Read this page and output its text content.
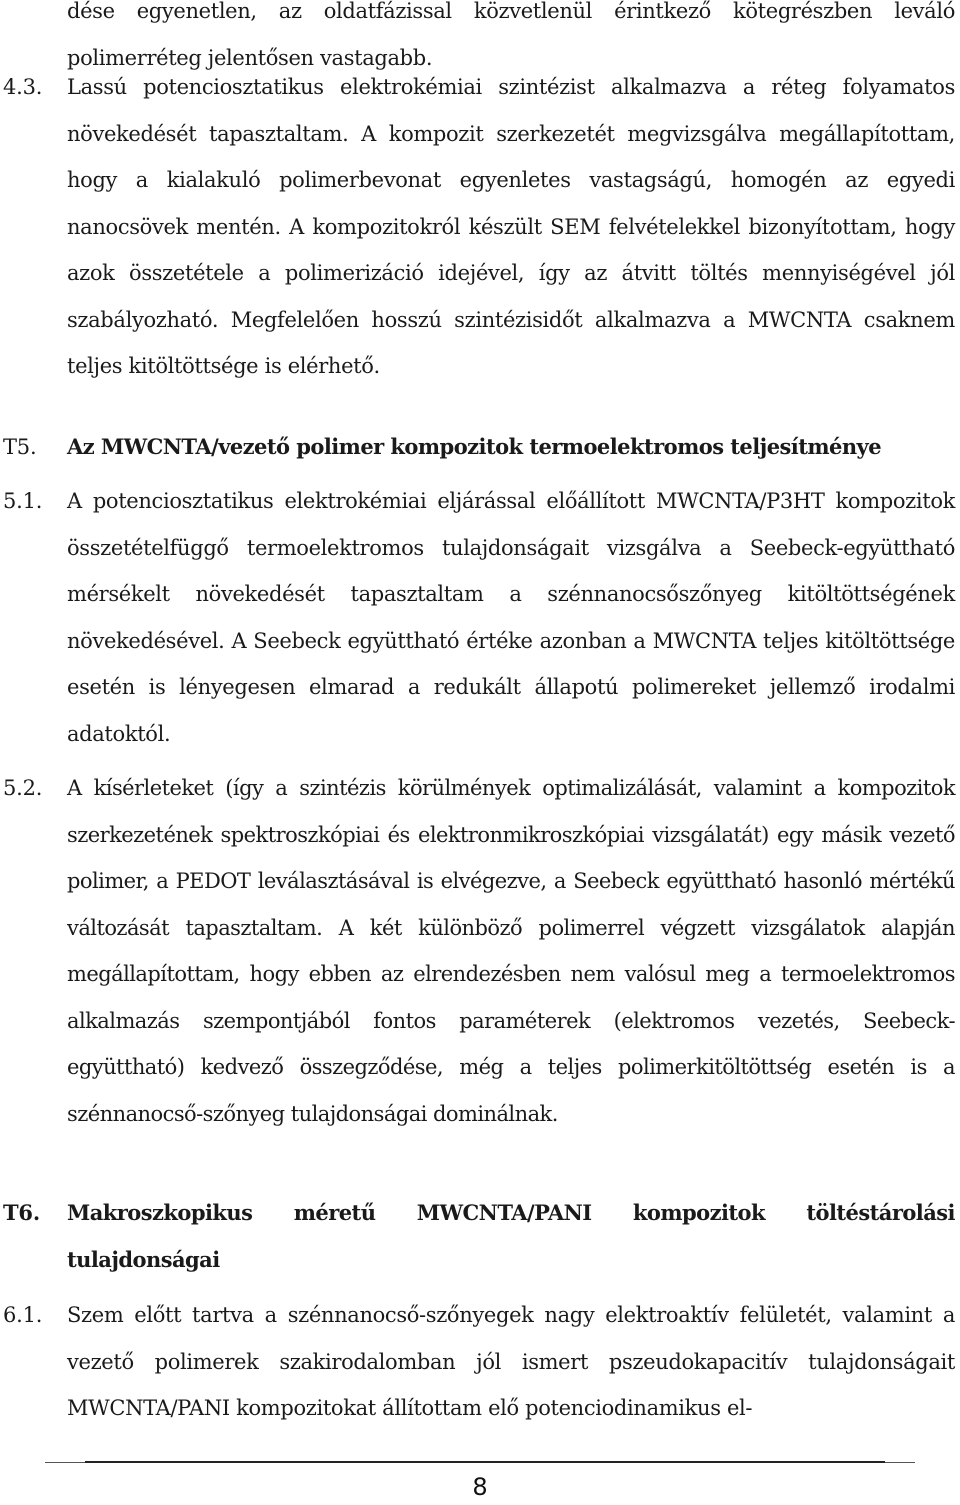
dése egyenetlen, az oldatfázissal közvetlenül érintkező kötegrészben leváló polimerréteg jelentősen vastagabb.

4.3.	Lassú potenciosztatikus elektrokémiai szintézist alkalmazva a réteg folyamatos növekedését tapasztaltam. A kompozit szerkezetét megvizsgálva megállapítottam, hogy a kialakuló polimerbevonat egyenletes vastagságú, homogén az egyedi nanocsövek mentén. A kompozitokról készült SEM felvételekkel bizonyítottam, hogy azok összetétele a polimerizáció idejével, így az átvitt töltés mennyiségével jól szabályozható. Megfelelően hosszú szintézisidőt alkalmazva a MWCNTA csaknem teljes kitöltöttsége is elérhető.

T5.	Az MWCNTA/vezető polimer kompozitok termoelektromos teljesítménye

5.1.	A potenciosztatikus elektrokémiai eljárással előállított MWCNTA/P3HT kompozitok összetételfüggő termoelektromos tulajdonságait vizsgálva a Seebeck-együttható mérsékelt növekedését tapasztaltam a szénnanocsőszőnyeg kitöltöttségének növekedésével. A Seebeck együttható értéke azonban a MWCNTA teljes kitöltöttsége esetén is lényegesen elmarad a redukált állapotú polimereket jellemző irodalmi adatoktól.

5.2.	A kísérleteket (így a szintézis körülmények optimalizálását, valamint a kompozitok szerkezetének spektroszkópiai és elektronmikroszkópiai vizsgálatát) egy másik vezető polimer, a PEDOT leválasztásával is elvégezve, a Seebeck együttható hasonló mértékű változását tapasztaltam. A két különböző polimerrel végzett vizsgálatok alapján megállapítottam, hogy ebben az elrendezésben nem valósul meg a termoelektromos alkalmazás szempontjából fontos paraméterek (elektromos vezetés, Seebeck-együttható) kedvező összegződése, még a teljes polimerkitöltöttség esetén is a szénnanocső-szőnyeg tulajdonságai dominálnak.

T6.	Makroszkopikus méretű MWCNTA/PANI kompozitok töltéstárolási tulajdonságai

6.1.	Szem előtt tartva a szénnanocső-szőnyegek nagy elektroaktív felületét, valamint a vezető polimerek szakirodalomban jól ismert pszeudokapacitív tulajdonságait MWCNTA/PANI kompozitokat állítottam elő potenciodinamikus el-

8
